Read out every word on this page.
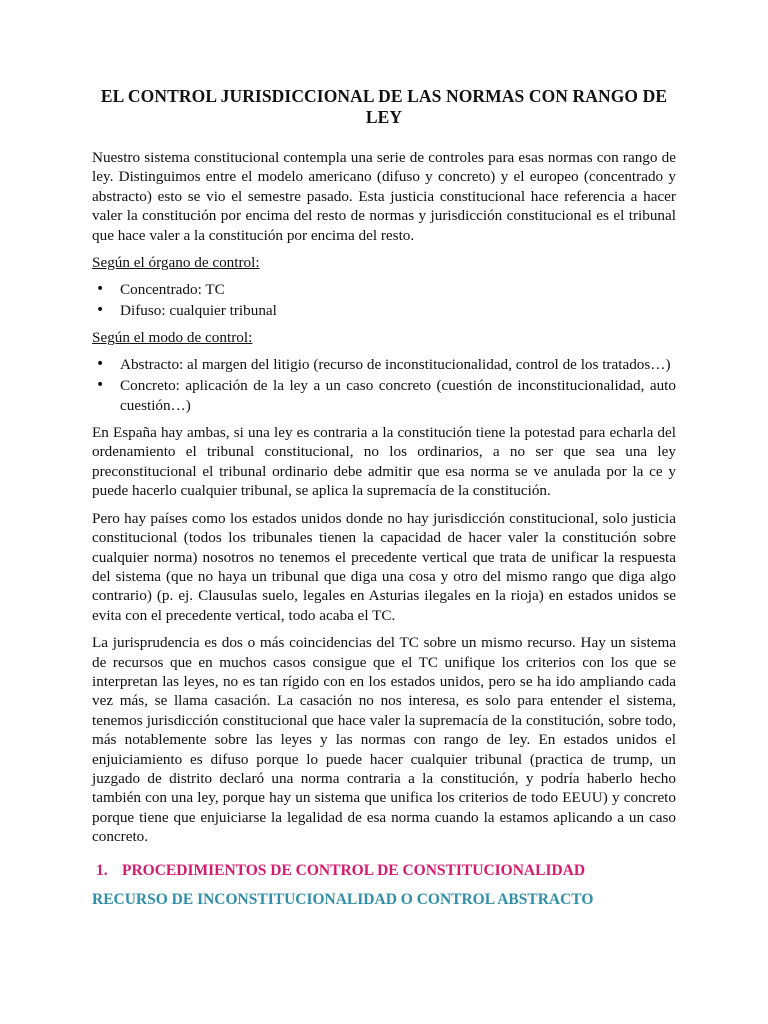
EL CONTROL JURISDICCIONAL DE LAS NORMAS CON RANGO DE LEY

Nuestro sistema constitucional contempla una serie de controles para esas normas con rango de ley. Distinguimos entre el modelo americano (difuso y concreto) y el europeo (concentrado y abstracto) esto se vio el semestre pasado. Esta justicia constitucional hace referencia a hacer valer la constitución por encima del resto de normas y jurisdicción constitucional es el tribunal que hace valer a la constitución por encima del resto.

Según el órgano de control:
• Concentrado: TC
• Difuso: cualquier tribunal
Según el modo de control:
• Abstracto: al margen del litigio (recurso de inconstitucionalidad, control de los tratados…)
• Concreto: aplicación de la ley a un caso concreto (cuestión de inconstitucionalidad, auto cuestión…)

En España hay ambas, si una ley es contraria a la constitución tiene la potestad para echarla del ordenamiento el tribunal constitucional, no los ordinarios, a no ser que sea una ley preconstitucional el tribunal ordinario debe admitir que esa norma se ve anulada por la ce y puede hacerlo cualquier tribunal, se aplica la supremacía de la constitución.

Pero hay países como los estados unidos donde no hay jurisdicción constitucional, solo justicia constitucional (todos los tribunales tienen la capacidad de hacer valer la constitución sobre cualquier norma) nosotros no tenemos el precedente vertical que trata de unificar la respuesta del sistema (que no haya un tribunal que diga una cosa y otro del mismo rango que diga algo contrario) (p. ej. Clausulas suelo, legales en Asturias ilegales en la rioja) en estados unidos se evita con el precedente vertical, todo acaba el TC.

La jurisprudencia es dos o más coincidencias del TC sobre un mismo recurso. Hay un sistema de recursos que en muchos casos consigue que el TC unifique los criterios con los que se interpretan las leyes, no es tan rígido con en los estados unidos, pero se ha ido ampliando cada vez más, se llama casación. La casación no nos interesa, es solo para entender el sistema, tenemos jurisdicción constitucional que hace valer la supremacía de la constitución, sobre todo, más notablemente sobre las leyes y las normas con rango de ley. En estados unidos el enjuiciamiento es difuso porque lo puede hacer cualquier tribunal (practica de trump, un juzgado de distrito declaró una norma contraria a la constitución, y podría haberlo hecho también con una ley, porque hay un sistema que unifica los criterios de todo EEUU) y concreto porque tiene que enjuiciarse la legalidad de esa norma cuando la estamos aplicando a un caso concreto.

1. PROCEDIMIENTOS DE CONTROL DE CONSTITUCIONALIDAD
RECURSO DE INCONSTITUCIONALIDAD O CONTROL ABSTRACTO
